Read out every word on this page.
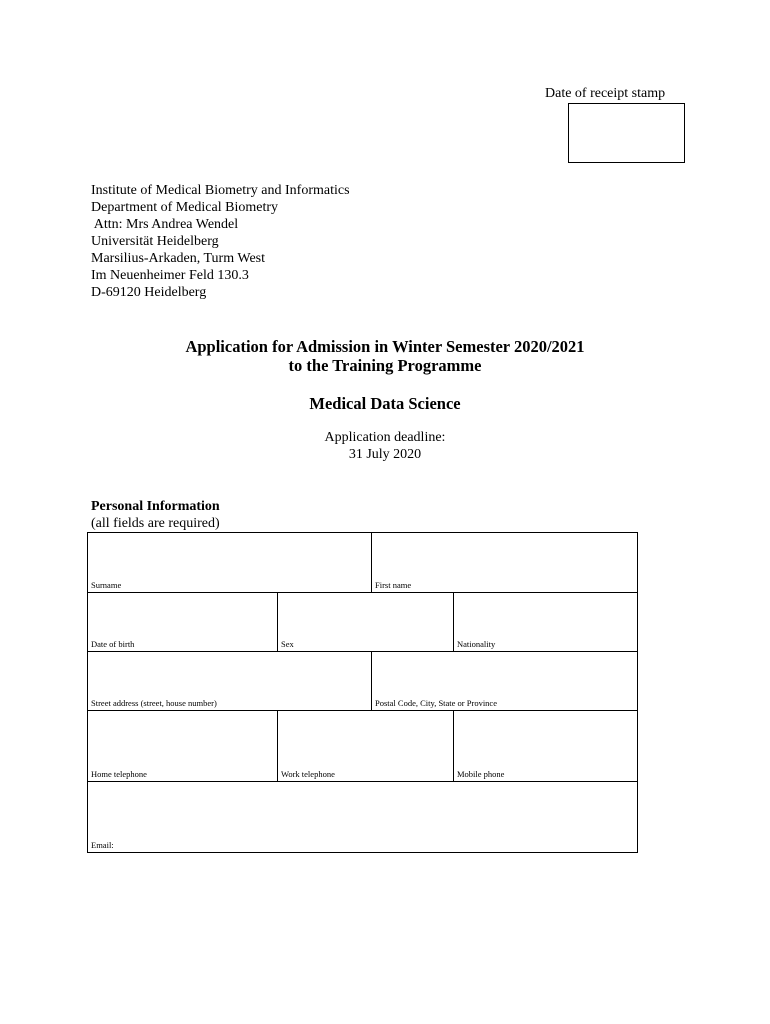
Date of receipt stamp
Institute of Medical Biometry and Informatics
Department of Medical Biometry
Attn: Mrs Andrea Wendel
Universität Heidelberg
Marsilius-Arkaden, Turm West
Im Neuenheimer Feld 130.3
D-69120 Heidelberg
Application for Admission in Winter Semester 2020/2021
to the Training Programme
Medical Data Science
Application deadline:
31 July 2020
Personal Information
(all fields are required)
Surname	First name
Date of birth	Sex	Nationality
Street address (street, house number)	Postal Code, City, State or Province
Home telephone	Work telephone	Mobile phone
Email:
